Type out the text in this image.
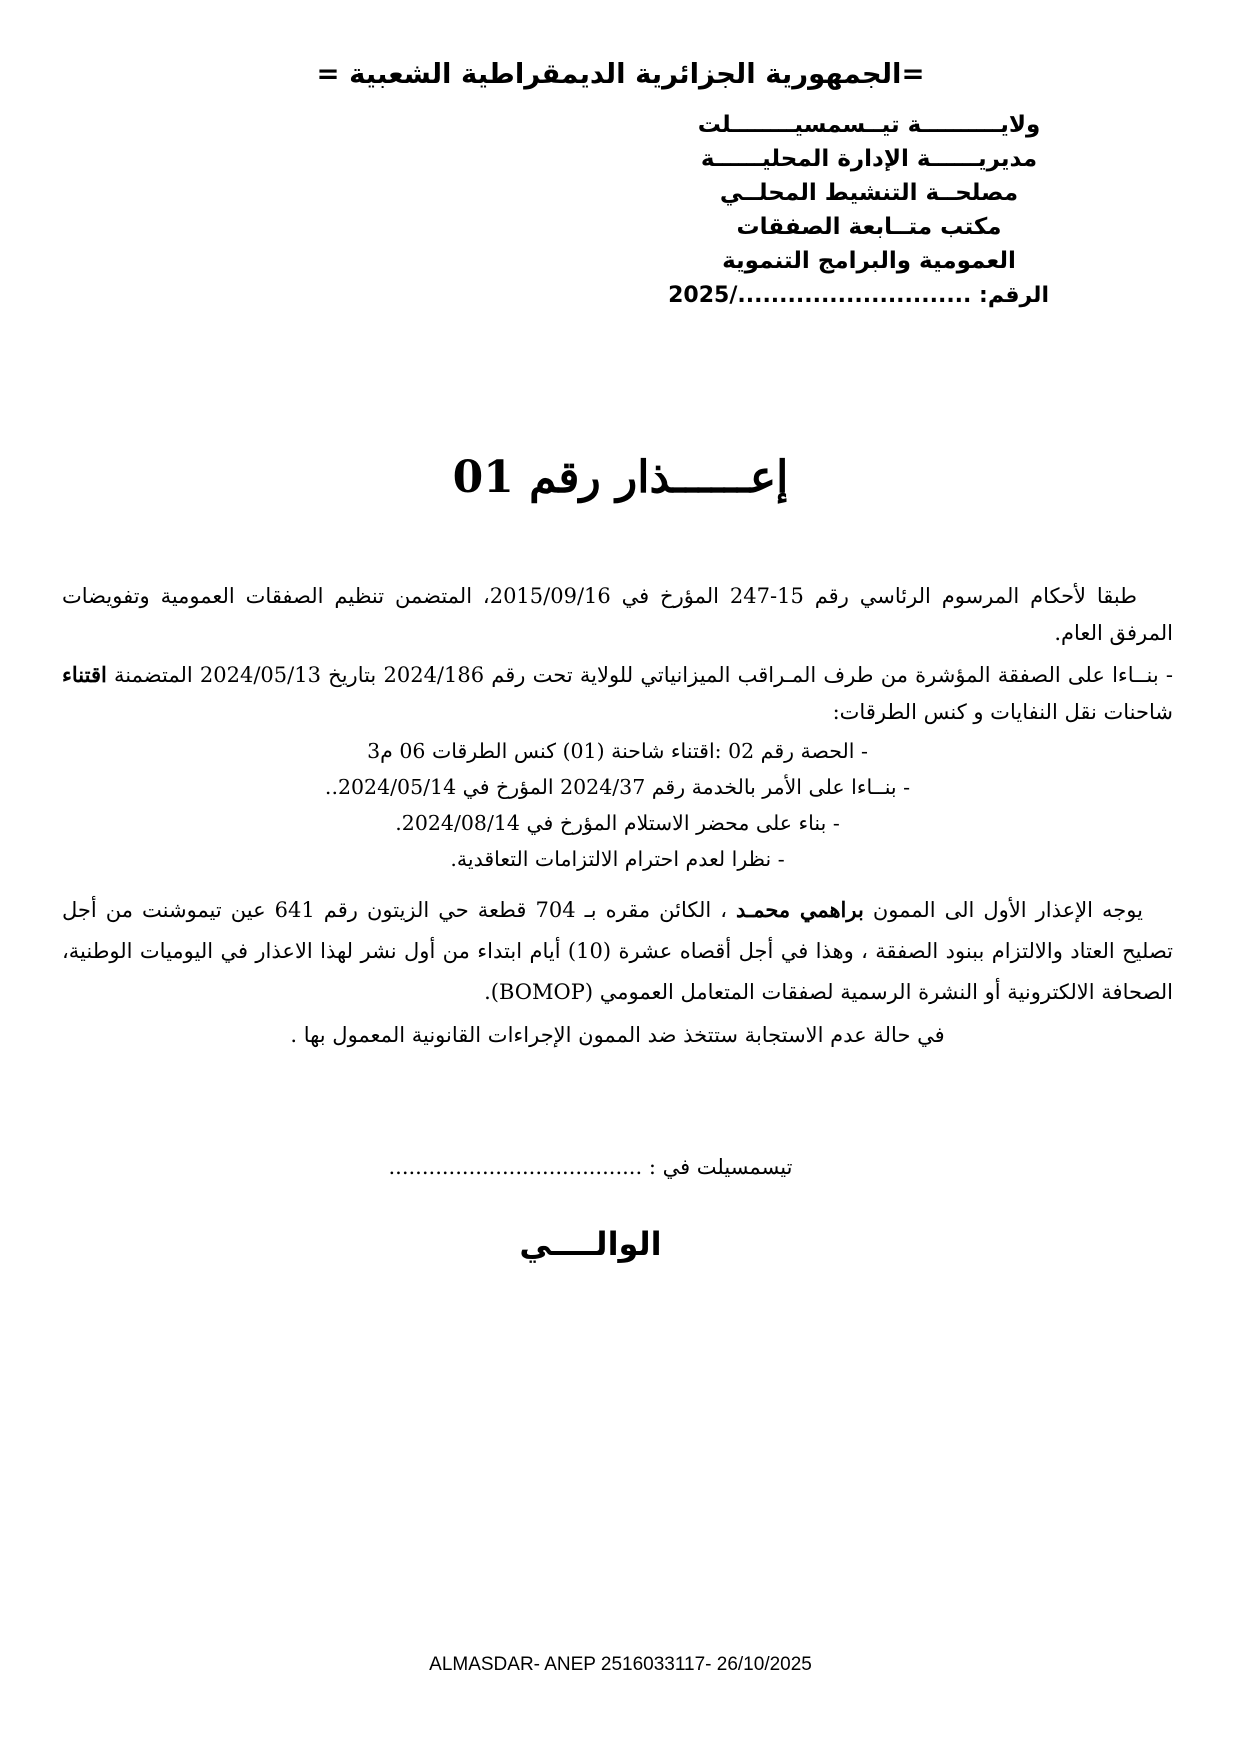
=الجمهورية الجزائرية الديمقراطية الشعبية =
ولايــــــــــة تيــسمسيــــــــلت
مديريــــــة الإدارة المحليــــــة
مصلحــة التنشيط المحلــي
مكتب متــابعة الصفقات
العمومية والبرامج التنموية
الرقم: ............................/2025
إعــــــذار رقم 01

طبقا لأحكام المرسوم الرئاسي رقم 15-247 المؤرخ في 2015/09/16، المتضمن تنظيم الصفقات العمومية وتفويضات المرفق العام.

- بنــاءا على الصفقة المؤشرة من طرف المـراقب الميزانياتي للولاية تحت رقم 2024/186 بتاريخ 2024/05/13 المتضمنة اقتناء شاحنات نقل النفايات و كنس الطرقات:

- الحصة رقم 02 :اقتناء شاحنة (01) كنس الطرقات 06 م3

- بنــاءا على الأمر بالخدمة رقم 2024/37 المؤرخ في 2024/05/14..

- بناء على محضر الاستلام المؤرخ في 2024/08/14.

- نظرا لعدم احترام الالتزامات التعاقدية.

يوجه الإعذار الأول الى الممون براهمي محمـد ، الكائن مقره بـ 704 قطعة حي الزيتون رقم 641 عين تيموشنت من أجل تصليح العتاد والالتزام ببنود الصفقة ، وهذا في أجل أقصاه عشرة (10) أيام ابتداء من أول نشر لهذا الاعذار في اليوميات الوطنية، الصحافة الالكترونية أو النشرة الرسمية لصفقات المتعامل العمومي (BOMOP).

في حالة عدم الاستجابة ستتخذ ضد الممون الإجراءات القانونية المعمول بها .

تيسمسيلت في : ......................................
الوالــــي
ALMASDAR- ANEP 2516033117- 26/10/2025
